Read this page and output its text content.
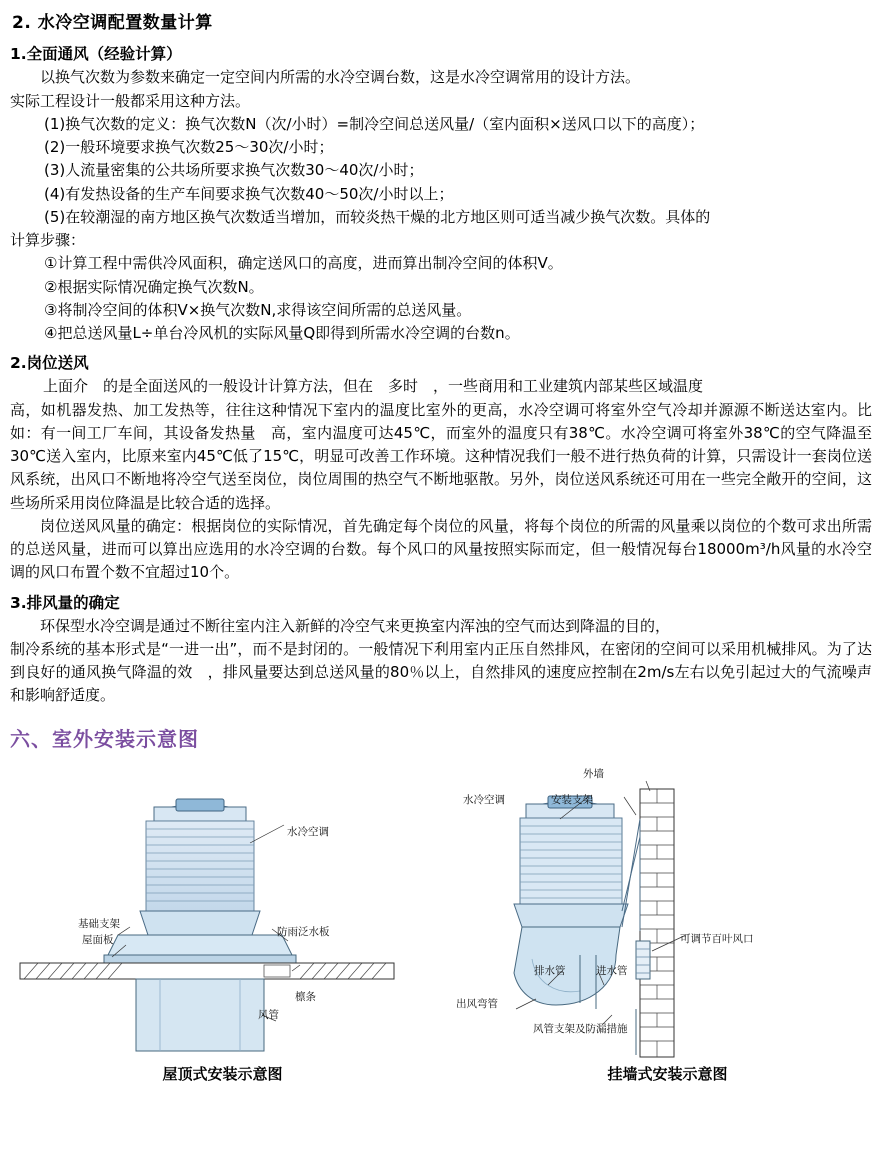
2. 水冷空调配置数量计算
1.全面通风（经验计算）
以换气次数为参数来确定一定空间内所需的水冷空调台数，这是水冷空调常用的设计方法。
实际工程设计一般都采用这种方法。
(1)换气次数的定义：换气次数N（次/小时）=制冷空间总送风量/（室内面积×送风口以下的高度）；
(2)一般环境要求换气次数25～30次/小时；
(3)人流量密集的公共场所要求换气次数30～40次/小时；
(4)有发热设备的生产车间要求换气次数40～50次/小时以上；
(5)在较潮湿的南方地区换气次数适当增加，而较炎热干燥的北方地区则可适当减少换气次数。具体的
计算步骤：
①计算工程中需供冷风面积，确定送风口的高度，进而算出制冷空间的体积V。
②根据实际情况确定换气次数N。
③将制冷空间的体积V×换气次数N,求得该空间所需的总送风量。
④把总送风量L÷单台冷风机的实际风量Q即得到所需水冷空调的台数n。
2.岗位送风
上面介　的是全面送风的一般设计计算方法，但在　多时　，一些商用和工业建筑内部某些区域温度
高，如机器发热、加工发热等，往往这种情况下室内的温度比室外的更高，水冷空调可将室外空气冷却并源源不断送达室内。比如：有一间工厂车间，其设备发热量　高，室内温度可达45℃，而室外的温度只有38℃。水冷空调可将室外38℃的空气降温至30℃送入室内，比原来室内45℃低了15℃，明显可改善工作环境。这种情况我们一般不进行热负荷的计算，只需设计一套岗位送风系统，出风口不断地将冷空气送至岗位，岗位周围的热空气不断地驱散。另外，岗位送风系统还可用在一些完全敞开的空间，这些场所采用岗位降温是比较合适的选择。
岗位送风风量的确定：根据岗位的实际情况，首先确定每个岗位的风量，将每个岗位的所需的风量乘以岗位的个数可求出所需的总送风量，进而可以算出应选用的水冷空调的台数。每个风口的风量按照实际而定，但一般情况每台18000m³/h风量的水冷空调的风口布置个数不宜超过10个。
3.排风量的确定
环保型水冷空调是通过不断往室内注入新鲜的冷空气来更换室内浑浊的空气而达到降温的目的，
制冷系统的基本形式是“一进一出”，而不是封闭的。一般情况下利用室内正压自然排风，在密闭的空间可以采用机械排风。为了达到良好的通风换气降温的效　，排风量要达到总送风量的80％以上，自然排风的速度应控制在2m/s左右以免引起过大的气流噪声和影响舒适度。
六、室外安装示意图
水冷空调
基础支架
屋面板
防雨泛水板
檩条
风管
外墙
水冷空调	安装支架
可调节百叶风口
排水管	进水管
出风弯管
风管支架及防漏措施
屋顶式安装示意图	挂墙式安装示意图
